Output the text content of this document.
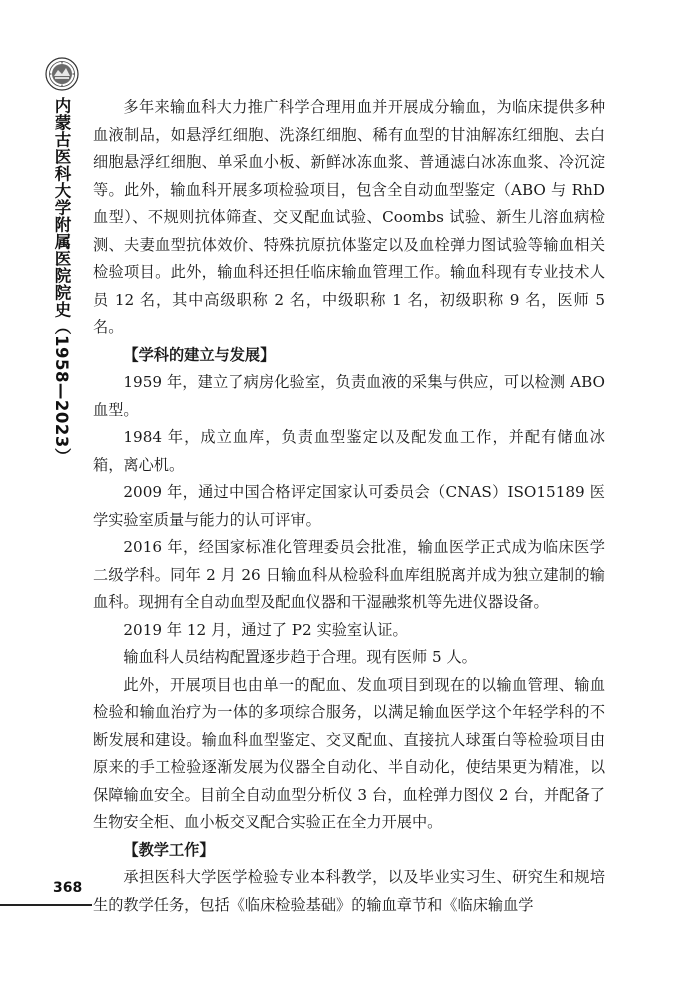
内蒙古医科大学附属医院院史（1958—2023）
368

多年来输血科大力推广科学合理用血并开展成分输血，为临床提供多种血液制品，如悬浮红细胞、洗涤红细胞、稀有血型的甘油解冻红细胞、去白细胞悬浮红细胞、单采血小板、新鲜冰冻血浆、普通滤白冰冻血浆、冷沉淀等。此外，输血科开展多项检验项目，包含全自动血型鉴定（ABO 与 RhD 血型）、不规则抗体筛查、交叉配血试验、Coombs 试验、新生儿溶血病检测、夫妻血型抗体效价、特殊抗原抗体鉴定以及血栓弹力图试验等输血相关检验项目。此外，输血科还担任临床输血管理工作。输血科现有专业技术人员 12 名，其中高级职称 2 名，中级职称 1 名，初级职称 9 名，医师 5 名。

【学科的建立与发展】

1959 年，建立了病房化验室，负责血液的采集与供应，可以检测 ABO 血型。

1984 年，成立血库，负责血型鉴定以及配发血工作，并配有储血冰箱，离心机。

2009 年，通过中国合格评定国家认可委员会（CNAS）ISO15189 医学实验室质量与能力的认可评审。

2016 年，经国家标准化管理委员会批准，输血医学正式成为临床医学二级学科。同年 2 月 26 日输血科从检验科血库组脱离并成为独立建制的输血科。现拥有全自动血型及配血仪器和干湿融浆机等先进仪器设备。

2019 年 12 月，通过了 P2 实验室认证。

输血科人员结构配置逐步趋于合理。现有医师 5 人。

此外，开展项目也由单一的配血、发血项目到现在的以输血管理、输血检验和输血治疗为一体的多项综合服务，以满足输血医学这个年轻学科的不断发展和建设。输血科血型鉴定、交叉配血、直接抗人球蛋白等检验项目由原来的手工检验逐渐发展为仪器全自动化、半自动化，使结果更为精准，以保障输血安全。目前全自动血型分析仪 3 台，血栓弹力图仪 2 台，并配备了生物安全柜、血小板交叉配合实验正在全力开展中。

【教学工作】

承担医科大学医学检验专业本科教学，以及毕业实习生、研究生和规培生的教学任务，包括《临床检验基础》的输血章节和《临床输血学
